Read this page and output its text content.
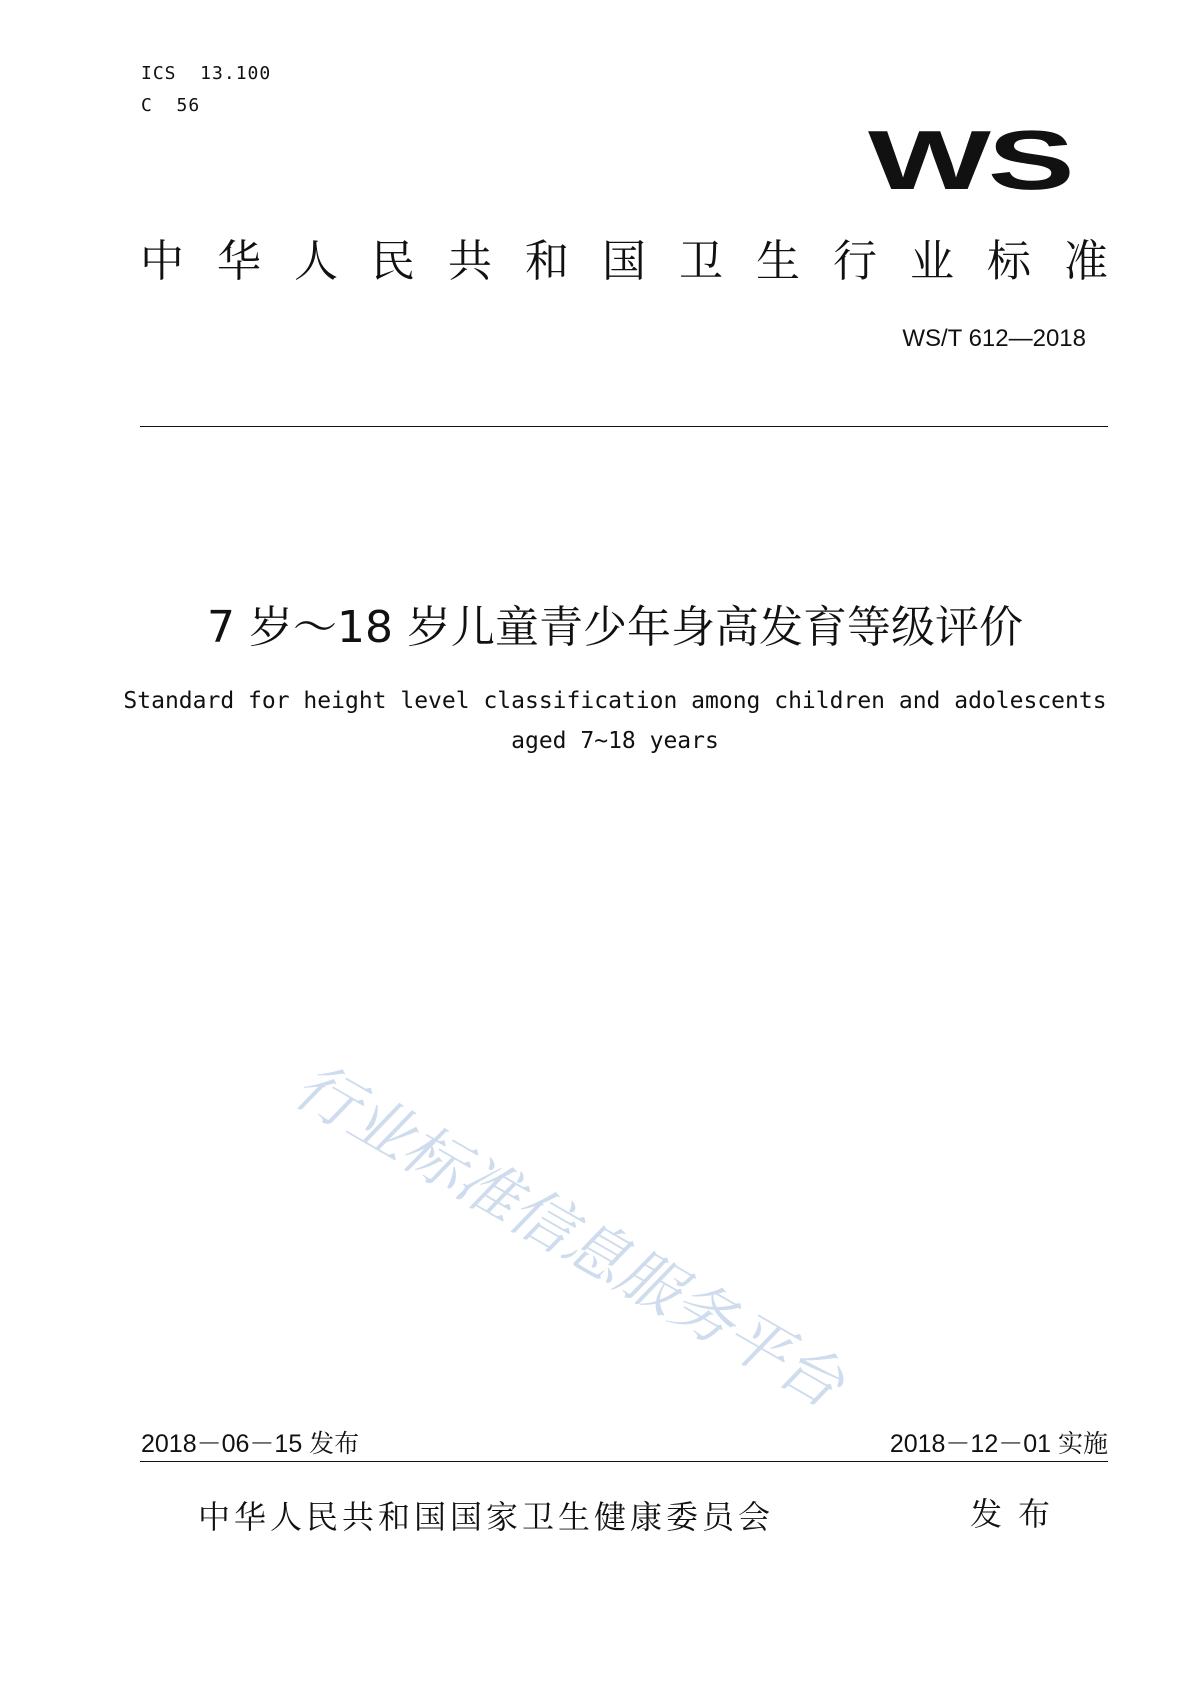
ICS  13.100
C  56
WS
中华人民共和国卫生行业标准
WS/T 612—2018
7 岁～18 岁儿童青少年身高发育等级评价
Standard for height level classification among children and adolescents
aged 7~18 years
行业标准信息服务平台
2018－06－15 发布	2018－12－01 实施
中华人民共和国国家卫生健康委员会	发布
